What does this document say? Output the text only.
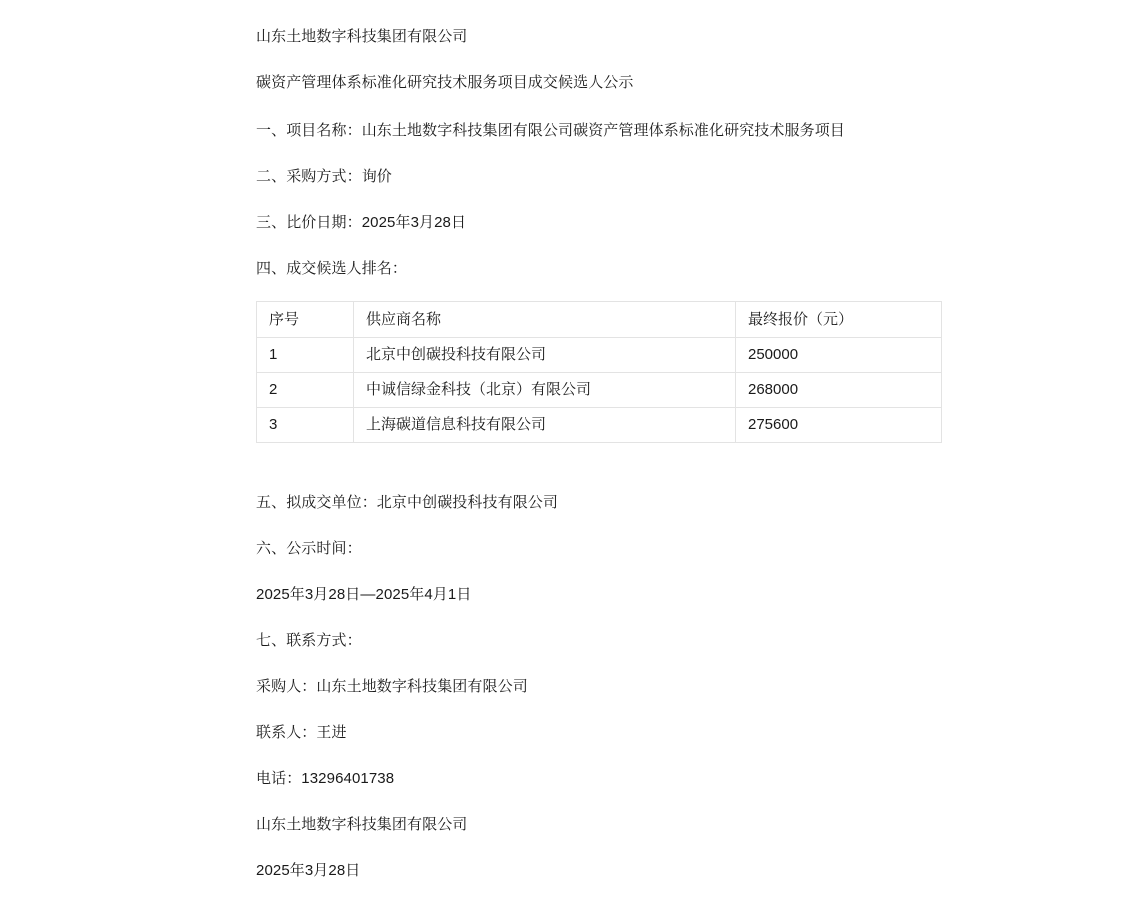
山东土地数字科技集团有限公司

碳资产管理体系标准化研究技术服务项目成交候选人公示

一、项目名称：山东土地数字科技集团有限公司碳资产管理体系标准化研究技术服务项目

二、采购方式：询价

三、比价日期：2025年3月28日

四、成交候选人排名：

序号	供应商名称	最终报价（元）
1	北京中创碳投科技有限公司	250000
2	中诚信绿金科技（北京）有限公司	268000
3	上海碳道信息科技有限公司	275600

五、拟成交单位：北京中创碳投科技有限公司

六、公示时间：

2025年3月28日—2025年4月1日

七、联系方式：

采购人：山东土地数字科技集团有限公司

联系人：王进

电话：13296401738

山东土地数字科技集团有限公司

2025年3月28日
